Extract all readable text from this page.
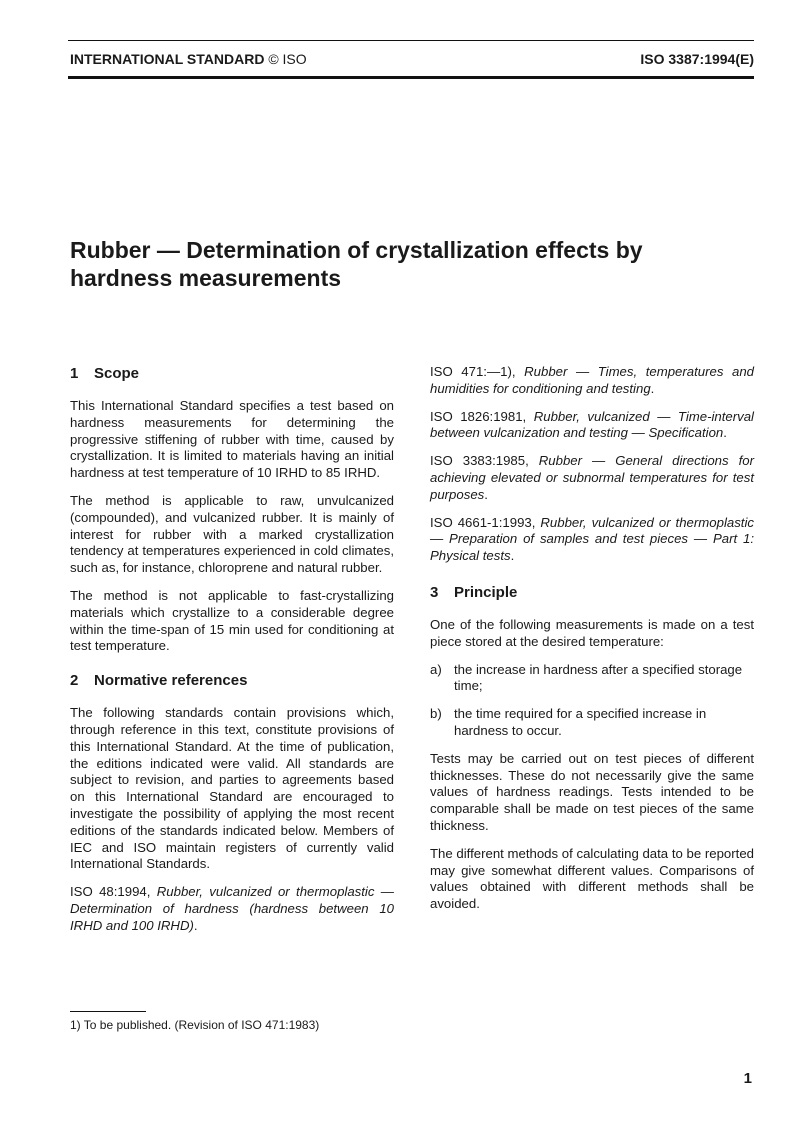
INTERNATIONAL STANDARD © ISO	ISO 3387:1994(E)
Rubber — Determination of crystallization effects by hardness measurements
1 Scope

This International Standard specifies a test based on hardness measurements for determining the progressive stiffening of rubber with time, caused by crystallization. It is limited to materials having an initial hardness at test temperature of 10 IRHD to 85 IRHD.

The method is applicable to raw, unvulcanized (compounded), and vulcanized rubber. It is mainly of interest for rubber with a marked crystallization tendency at temperatures experienced in cold climates, such as, for instance, chloroprene and natural rubber.

The method is not applicable to fast-crystallizing materials which crystallize to a considerable degree within the time-span of 15 min used for conditioning at test temperature.

2 Normative references

The following standards contain provisions which, through reference in this text, constitute provisions of this International Standard. At the time of publication, the editions indicated were valid. All standards are subject to revision, and parties to agreements based on this International Standard are encouraged to investigate the possibility of applying the most recent editions of the standards indicated below. Members of IEC and ISO maintain registers of currently valid International Standards.

ISO 48:1994, Rubber, vulcanized or thermoplastic — Determination of hardness (hardness between 10 IRHD and 100 IRHD).
ISO 471:—1), Rubber — Times, temperatures and humidities for conditioning and testing.
ISO 1826:1981, Rubber, vulcanized — Time-interval between vulcanization and testing — Specification.
ISO 3383:1985, Rubber — General directions for achieving elevated or subnormal temperatures for test purposes.
ISO 4661-1:1993, Rubber, vulcanized or thermoplastic — Preparation of samples and test pieces — Part 1: Physical tests.
3 Principle

One of the following measurements is made on a test piece stored at the desired temperature:

a) the increase in hardness after a specified storage time;
b) the time required for a specified increase in hardness to occur.

Tests may be carried out on test pieces of different thicknesses. These do not necessarily give the same values of hardness readings. Tests intended to be comparable shall be made on test pieces of the same thickness.

The different methods of calculating data to be reported may give somewhat different values. Comparisons of values obtained with different methods shall be avoided.

1) To be published. (Revision of ISO 471:1983)
1
